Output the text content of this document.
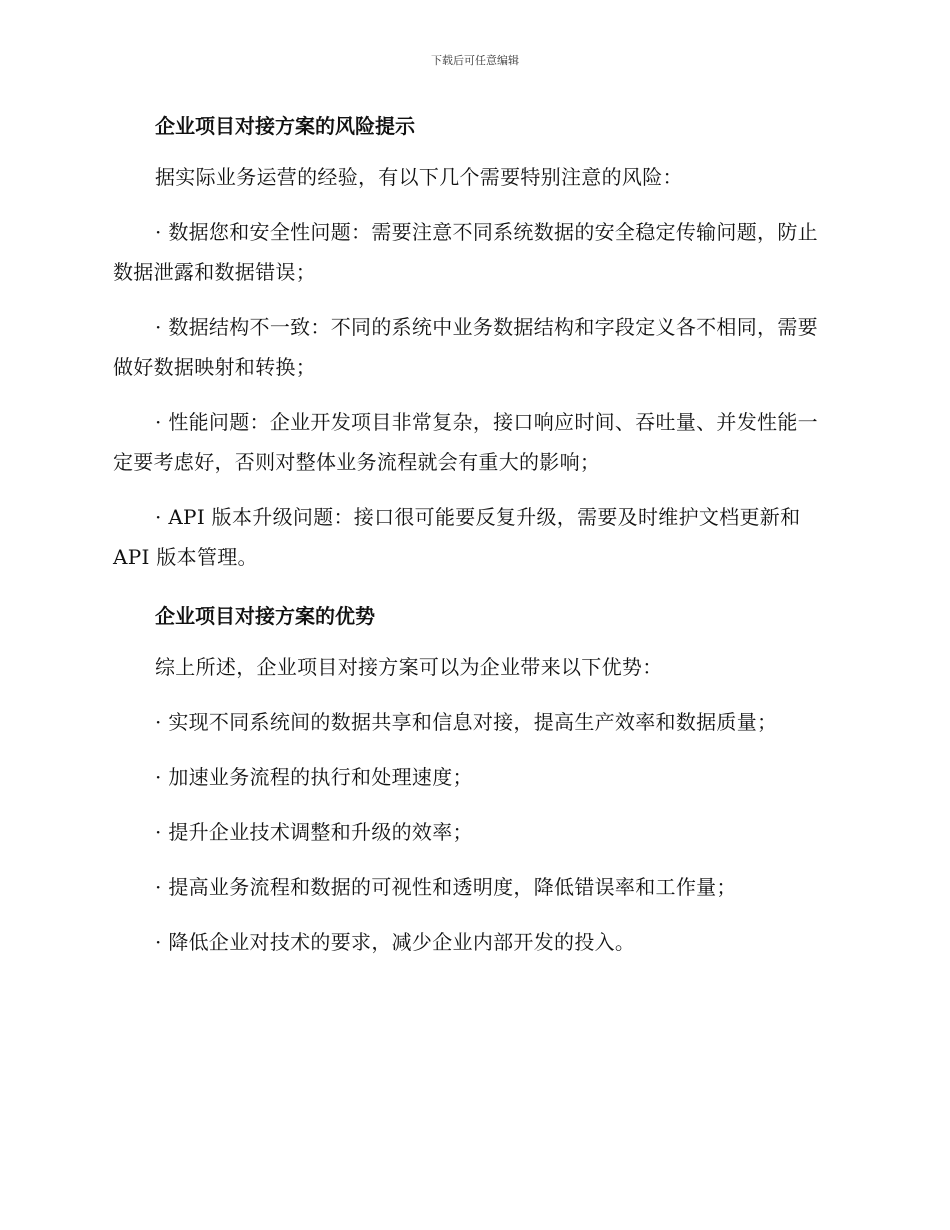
下载后可任意编辑

企业项目对接方案的风险提示

据实际业务运营的经验，有以下几个需要特别注意的风险：

· 数据您和安全性问题：需要注意不同系统数据的安全稳定传输问题，防止数据泄露和数据错误；

· 数据结构不一致：不同的系统中业务数据结构和字段定义各不相同，需要做好数据映射和转换；

· 性能问题：企业开发项目非常复杂，接口响应时间、吞吐量、并发性能一定要考虑好，否则对整体业务流程就会有重大的影响；

· API 版本升级问题：接口很可能要反复升级，需要及时维护文档更新和 API 版本管理。

企业项目对接方案的优势

综上所述，企业项目对接方案可以为企业带来以下优势：

· 实现不同系统间的数据共享和信息对接，提高生产效率和数据质量；

· 加速业务流程的执行和处理速度；

· 提升企业技术调整和升级的效率；

· 提高业务流程和数据的可视性和透明度，降低错误率和工作量；

· 降低企业对技术的要求，减少企业内部开发的投入。
